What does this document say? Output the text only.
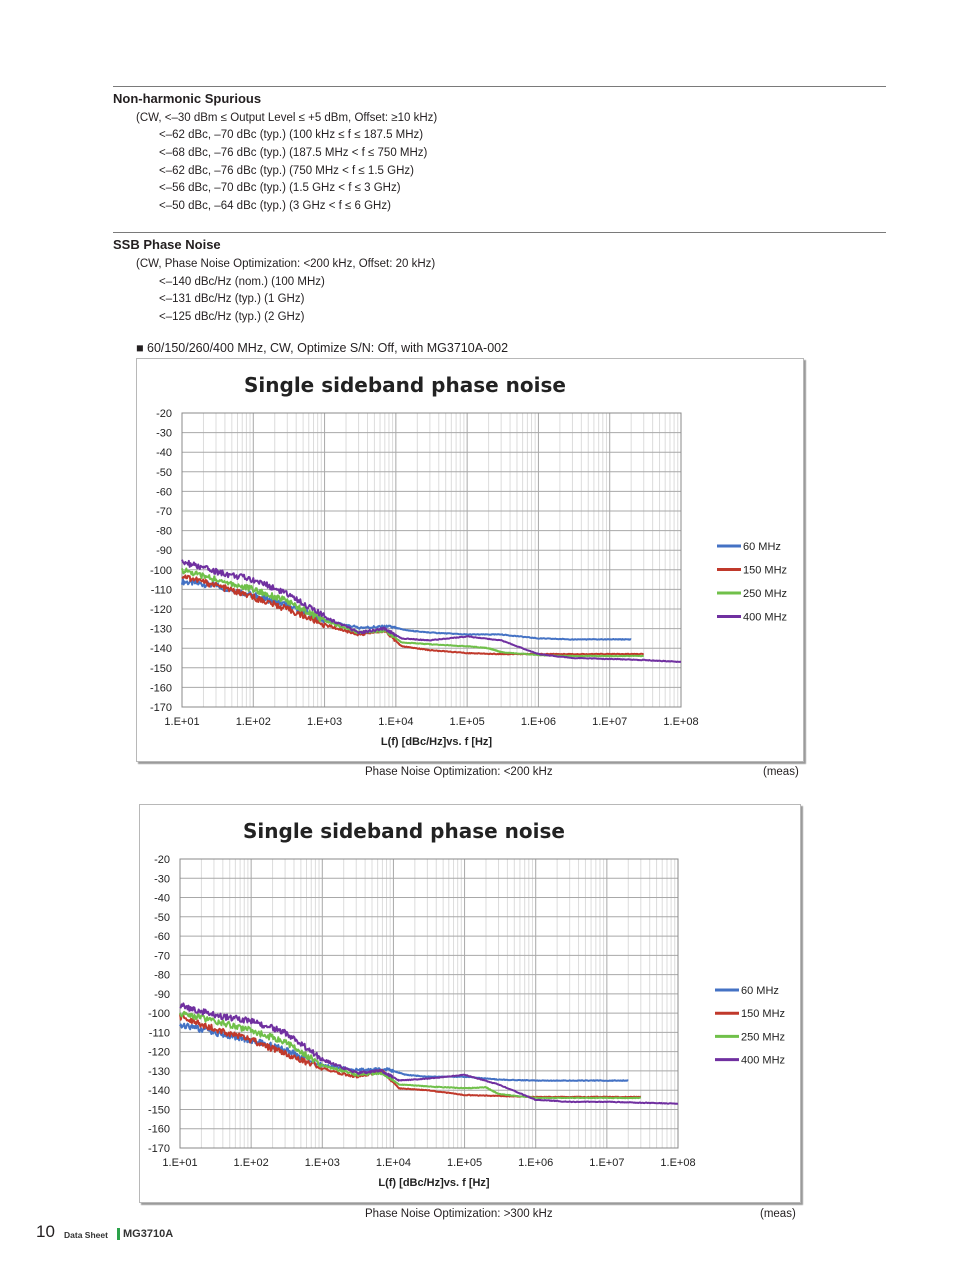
Non-harmonic Spurious
(CW, <–30 dBm ≤ Output Level ≤ +5 dBm, Offset: ≥10 kHz)
<–62 dBc, –70 dBc (typ.) (100 kHz ≤ f ≤ 187.5 MHz)
<–68 dBc, –76 dBc (typ.) (187.5 MHz < f ≤ 750 MHz)
<–62 dBc, –76 dBc (typ.) (750 MHz < f ≤ 1.5 GHz)
<–56 dBc, –70 dBc (typ.) (1.5 GHz < f ≤ 3 GHz)
<–50 dBc, –64 dBc (typ.) (3 GHz < f ≤ 6 GHz)
SSB Phase Noise
(CW, Phase Noise Optimization: <200 kHz, Offset: 20 kHz)
<–140 dBc/Hz (nom.) (100 MHz)
<–131 dBc/Hz (typ.) (1 GHz)
<–125 dBc/Hz (typ.) (2 GHz)
■ 60/150/260/400 MHz, CW, Optimize S/N: Off, with MG3710A-002
Single sideband phase noise
1.E+01	1.E+02	1.E+03	1.E+04	1.E+05	1.E+06	1.E+07	1.E+08
-20
-30
-40
-50
-60
-70
-80
-90
-100
-110
-120
-130
-140
-150
-160
-170
L(f) [dBc/Hz]vs. f [Hz]
60 MHz
150 MHz
250 MHz
400 MHz
Phase Noise Optimization: <200 kHz	(meas)
Single sideband phase noise
1.E+01	1.E+02	1.E+03	1.E+04	1.E+05	1.E+06	1.E+07	1.E+08
-20
-30
-40
-50
-60
-70
-80
-90
-100
-110
-120
-130
-140
-150
-160
-170
L(f) [dBc/Hz]vs. f [Hz]
60 MHz
150 MHz
250 MHz
400 MHz
Phase Noise Optimization: >300 kHz	(meas)
10 Data Sheet MG3710A
